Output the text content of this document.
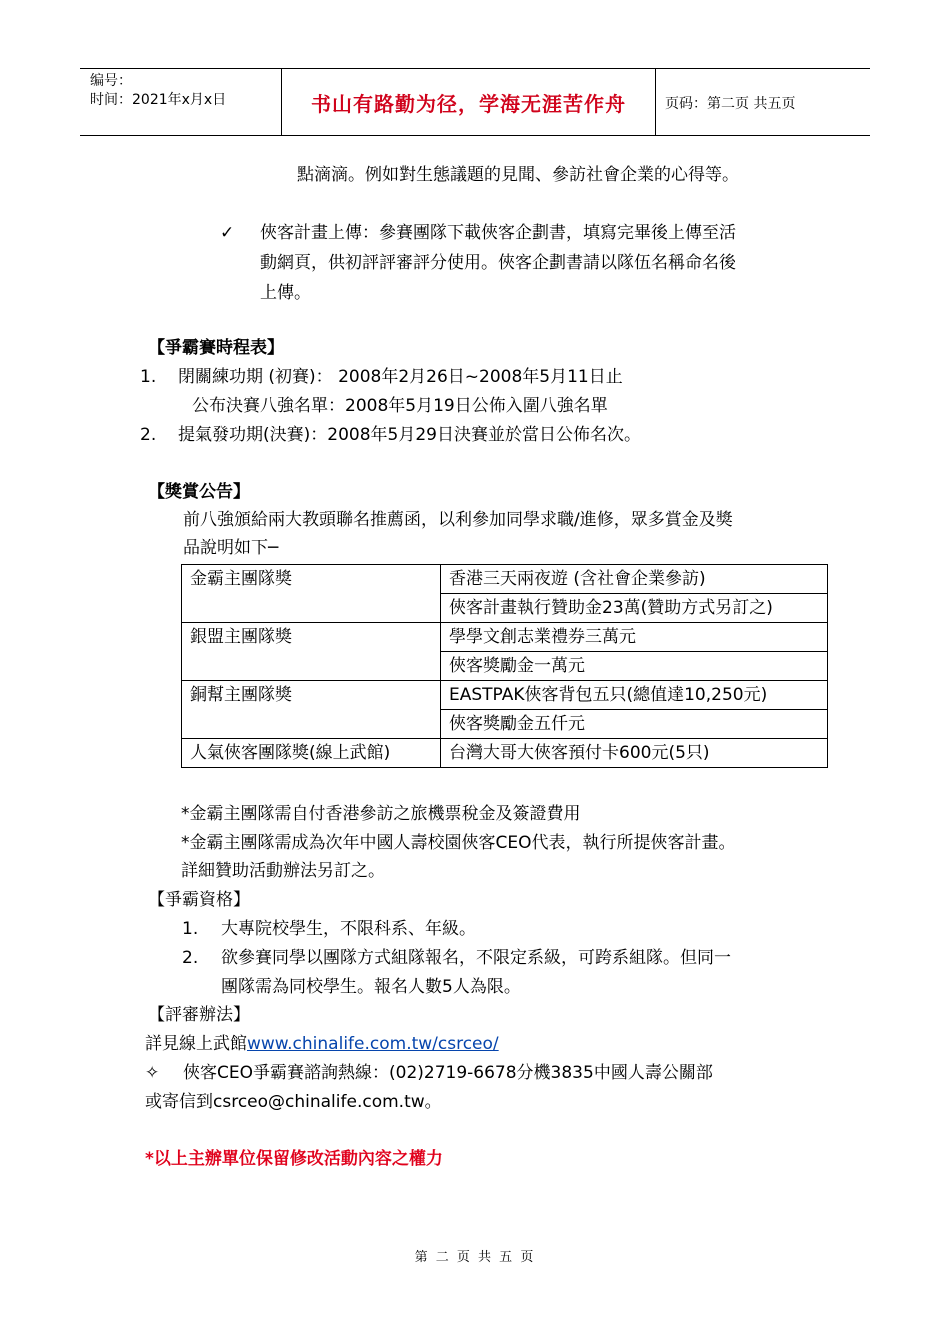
编号：
时间：2021年x月x日	书山有路勤为径，学海无涯苦作舟	页码：第二页 共五页
點滴滴。例如對生態議題的見聞、參訪社會企業的心得等。
✓ 俠客計畫上傳：參賽團隊下載俠客企劃書，填寫完畢後上傳至活
動網頁，供初評評審評分使用。俠客企劃書請以隊伍名稱命名後
上傳。
【爭霸賽時程表】
1. 閉關練功期 (初賽)： 2008年2月26日~2008年5月11日止
公布決賽八強名單：2008年5月19日公佈入圍八強名單
2. 提氣發功期(決賽)：2008年5月29日決賽並於當日公佈名次。
【獎賞公告】
前八強頒給兩大教頭聯名推薦函，以利參加同學求職/進修，眾多賞金及獎
品說明如下─
金霸主團隊獎	香港三天兩夜遊 (含社會企業參訪)
	俠客計畫執行贊助金23萬(贊助方式另訂之)
銀盟主團隊獎	學學文創志業禮券三萬元
	俠客獎勵金一萬元
銅幫主團隊獎	EASTPAK俠客背包五只(總值達10,250元)
	俠客獎勵金五仟元
人氣俠客團隊獎(線上武館)	台灣大哥大俠客預付卡600元(5只)
*金霸主團隊需自付香港參訪之旅機票稅金及簽證費用
*金霸主團隊需成為次年中國人壽校園俠客CEO代表，執行所提俠客計畫。
詳細贊助活動辦法另訂之。
【爭霸資格】
1. 大專院校學生，不限科系、年級。
2. 欲參賽同學以團隊方式組隊報名，不限定系級，可跨系組隊。但同一
團隊需為同校學生。報名人數5人為限。
【評審辦法】
詳見線上武館www.chinalife.com.tw/csrceo/
✧ 俠客CEO爭霸賽諮詢熱線：(02)2719-6678分機3835中國人壽公關部
或寄信到csrceo@chinalife.com.tw。
*以上主辦單位保留修改活動內容之權力
第 二 页 共 五 页
